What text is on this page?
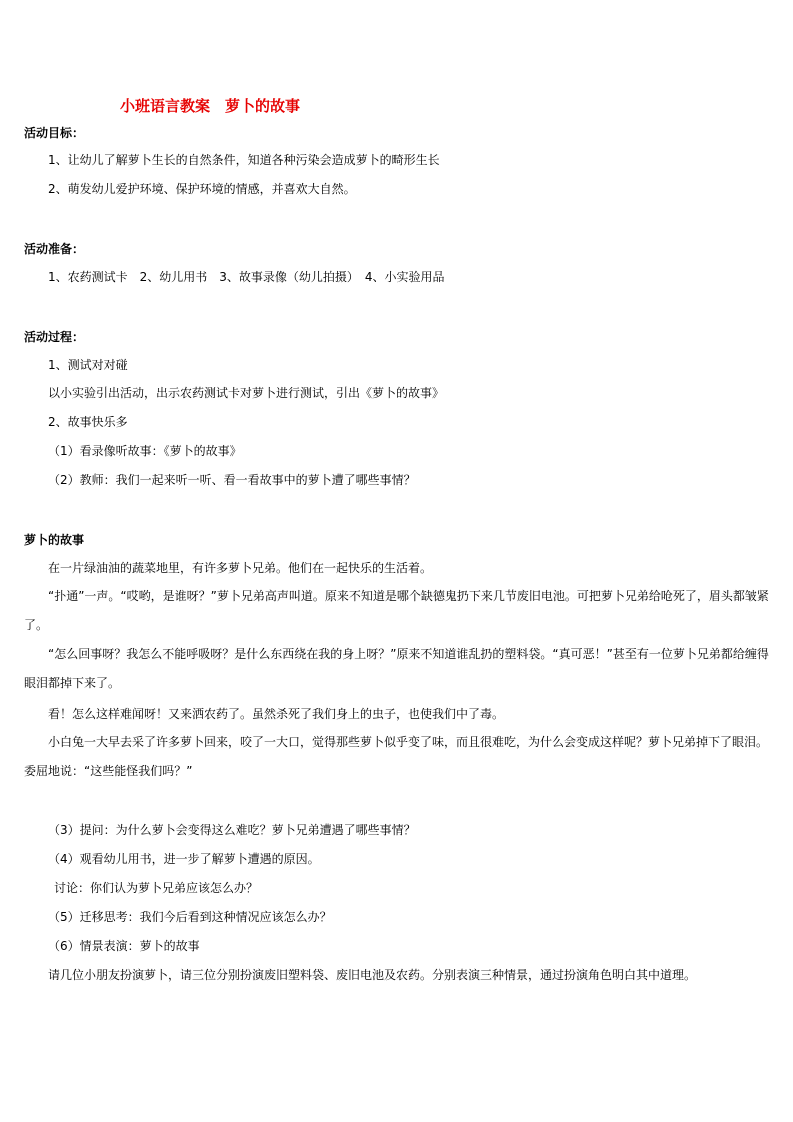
小班语言教案　萝卜的故事
活动目标：
1、让幼儿了解萝卜生长的自然条件，知道各种污染会造成萝卜的畸形生长
2、萌发幼儿爱护环境、保护环境的情感，并喜欢大自然。
活动准备：
1、农药测试卡　2、幼儿用书　3、故事录像（幼儿拍摄）　4、小实验用品
活动过程：
1、测试对对碰
以小实验引出活动，出示农药测试卡对萝卜进行测试，引出《萝卜的故事》
2、故事快乐多
（1）看录像听故事：《萝卜的故事》
（2）教师：我们一起来听一听、看一看故事中的萝卜遭了哪些事情？
萝卜的故事
在一片绿油油的蔬菜地里，有许多萝卜兄弟。他们在一起快乐的生活着。
“扑通”一声。“哎哟，是谁呀？”萝卜兄弟高声叫道。原来不知道是哪个缺德鬼扔下来几节废旧电池。可把萝卜兄弟给呛死了，眉头都皱紧了。
“怎么回事呀？我怎么不能呼吸呀？是什么东西绕在我的身上呀？”原来不知道谁乱扔的塑料袋。“真可恶！”甚至有一位萝卜兄弟都给缠得眼泪都掉下来了。
看！怎么这样难闻呀！又来洒农药了。虽然杀死了我们身上的虫子，也使我们中了毒。
小白兔一大早去采了许多萝卜回来，咬了一大口，觉得那些萝卜似乎变了味，而且很难吃，为什么会变成这样呢？萝卜兄弟掉下了眼泪。委屈地说：“这些能怪我们吗？”
（3）提问：为什么萝卜会变得这么难吃？萝卜兄弟遭遇了哪些事情？
（4）观看幼儿用书，进一步了解萝卜遭遇的原因。
讨论：你们认为萝卜兄弟应该怎么办？
（5）迁移思考：我们今后看到这种情况应该怎么办？
（6）情景表演：萝卜的故事
请几位小朋友扮演萝卜，请三位分别扮演废旧塑料袋、废旧电池及农药。分别表演三种情景，通过扮演角色明白其中道理。
